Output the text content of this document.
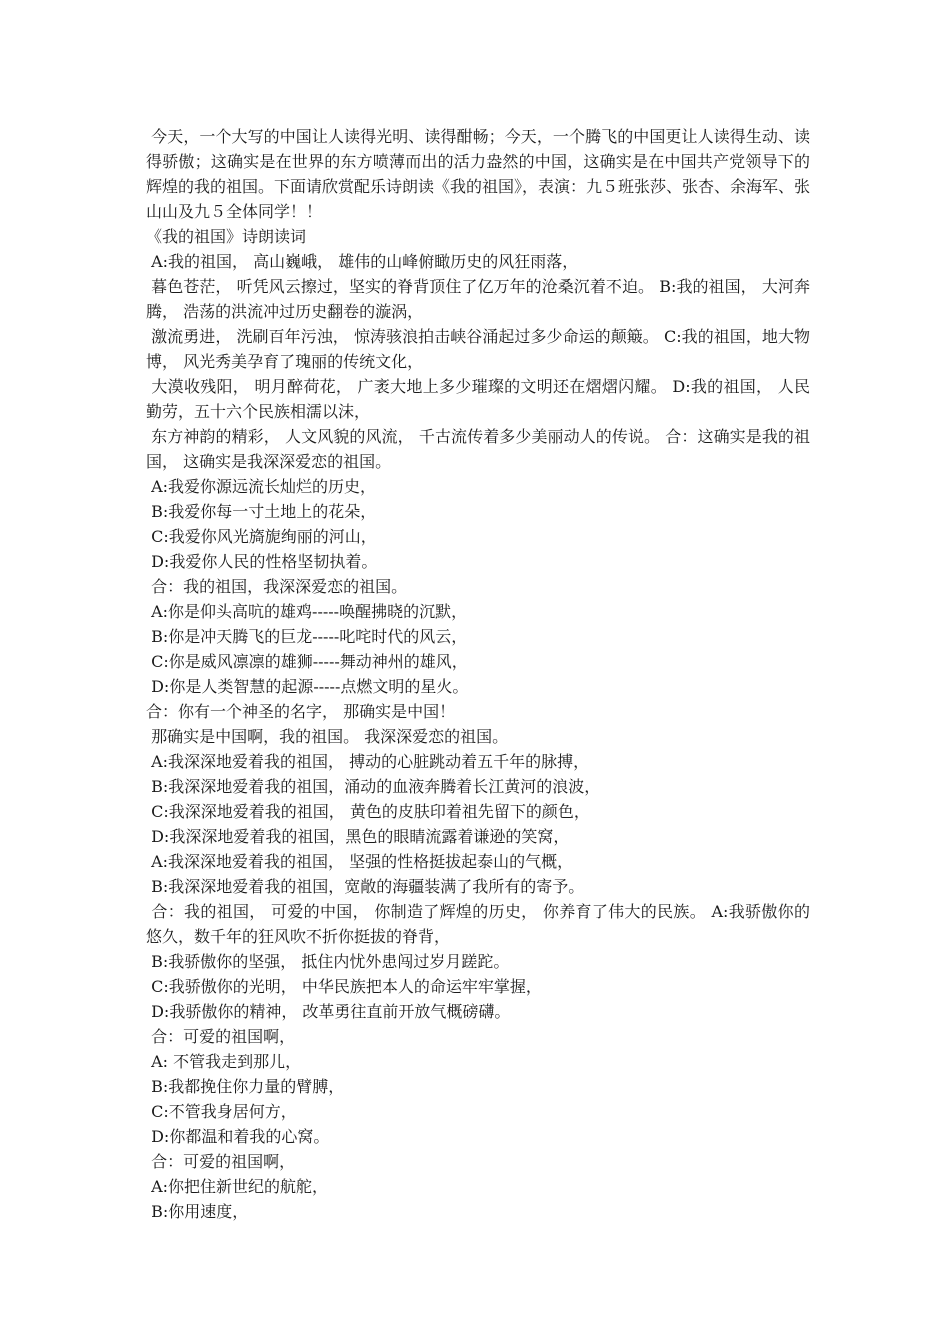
今天，一个大写的中国让人读得光明、读得酣畅；今天，一个腾飞的中国更让人读得生动、读得骄傲；这确实是在世界的东方喷薄而出的活力盎然的中国，这确实是在中国共产党领导下的辉煌的我的祖国。下面请欣赏配乐诗朗读《我的祖国》，表演：九５班张莎、张杏、余海军、张山山及九５全体同学！！

《我的祖国》诗朗读词

A:我的祖国， 高山巍峨， 雄伟的山峰俯瞰历史的风狂雨落，

暮色苍茫， 听凭风云擦过，坚实的脊背顶住了亿万年的沧桑沉着不迫。 B:我的祖国， 大河奔腾， 浩荡的洪流冲过历史翻卷的漩涡，

激流勇进， 洗刷百年污浊， 惊涛骇浪拍击峡谷涌起过多少命运的颠簸。 C:我的祖国，地大物博， 风光秀美孕育了瑰丽的传统文化，

大漠收残阳， 明月醉荷花， 广袤大地上多少璀璨的文明还在熠熠闪耀。 D:我的祖国， 人民勤劳，五十六个民族相濡以沫，

东方神韵的精彩， 人文风貌的风流， 千古流传着多少美丽动人的传说。 合：这确实是我的祖国， 这确实是我深深爱恋的祖国。

A:我爱你源远流长灿烂的历史，

B:我爱你每一寸土地上的花朵，

C:我爱你风光旖旎绚丽的河山，

D:我爱你人民的性格坚韧执着。

合：我的祖国，我深深爱恋的祖国。

A:你是仰头高吭的雄鸡-----唤醒拂晓的沉默，

B:你是冲天腾飞的巨龙-----叱咤时代的风云，

C:你是威风凛凛的雄狮-----舞动神州的雄风，

D:你是人类智慧的起源-----点燃文明的星火。

合：你有一个神圣的名字， 那确实是中国！

那确实是中国啊，我的祖国。 我深深爱恋的祖国。

A:我深深地爱着我的祖国， 搏动的心脏跳动着五千年的脉搏，

B:我深深地爱着我的祖国，涌动的血液奔腾着长江黄河的浪波，

C:我深深地爱着我的祖国， 黄色的皮肤印着祖先留下的颜色，

D:我深深地爱着我的祖国，黑色的眼睛流露着谦逊的笑窝，

A:我深深地爱着我的祖国， 坚强的性格挺拔起泰山的气概，

B:我深深地爱着我的祖国，宽敞的海疆装满了我所有的寄予。

合：我的祖国， 可爱的中国， 你制造了辉煌的历史， 你养育了伟大的民族。 A:我骄傲你的悠久，数千年的狂风吹不折你挺拔的脊背，

B:我骄傲你的坚强， 抵住内忧外患闯过岁月蹉跎。

C:我骄傲你的光明， 中华民族把本人的命运牢牢掌握，

D:我骄傲你的精神， 改革勇往直前开放气概磅礴。

合：可爱的祖国啊，

A: 不管我走到那儿，

B:我都挽住你力量的臂膊，

C:不管我身居何方，

D:你都温和着我的心窝。

合：可爱的祖国啊，

A:你把住新世纪的航舵，

B:你用速度，
